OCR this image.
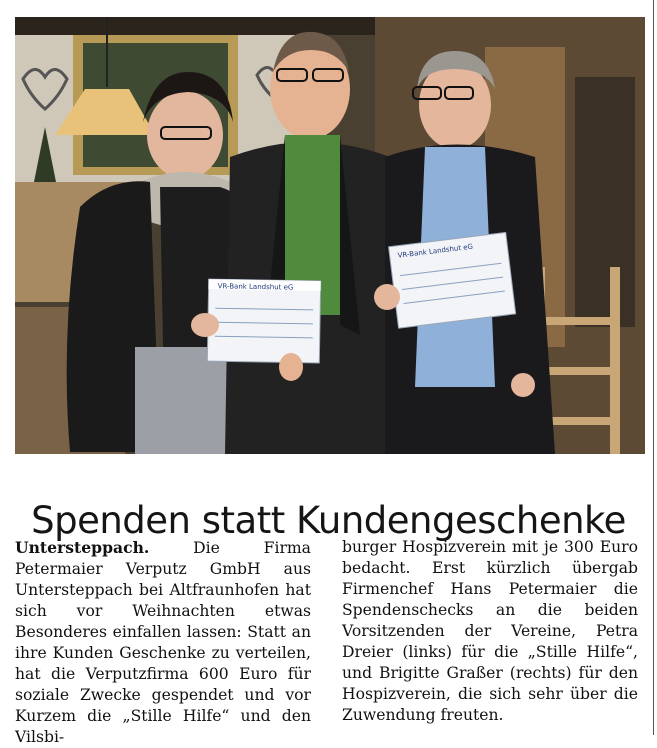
VR-Bank Landshut eG
VR-Bank Landshut eG
Spenden statt Kundengeschenke

Untersteppach.	Die Firma Petermaier Verputz GmbH aus Untersteppach bei Altfraunhofen hat sich vor Weihnachten etwas Besonderes einfallen lassen: Statt an ihre Kunden Geschenke zu verteilen, hat die Verputzfirma 600 Euro für soziale Zwecke gespendet und vor Kurzem die „Stille Hilfe“ und den Vilsbi-

burger Hospizverein mit je 300 Euro bedacht. Erst kürzlich übergab Firmenchef Hans Petermaier die Spendenschecks an die beiden Vorsitzenden der Vereine, Petra Dreier (links) für die „Stille Hilfe“, und Brigitte Graßer (rechts) für den Hospizverein, die sich sehr über die Zuwendung freuten.
